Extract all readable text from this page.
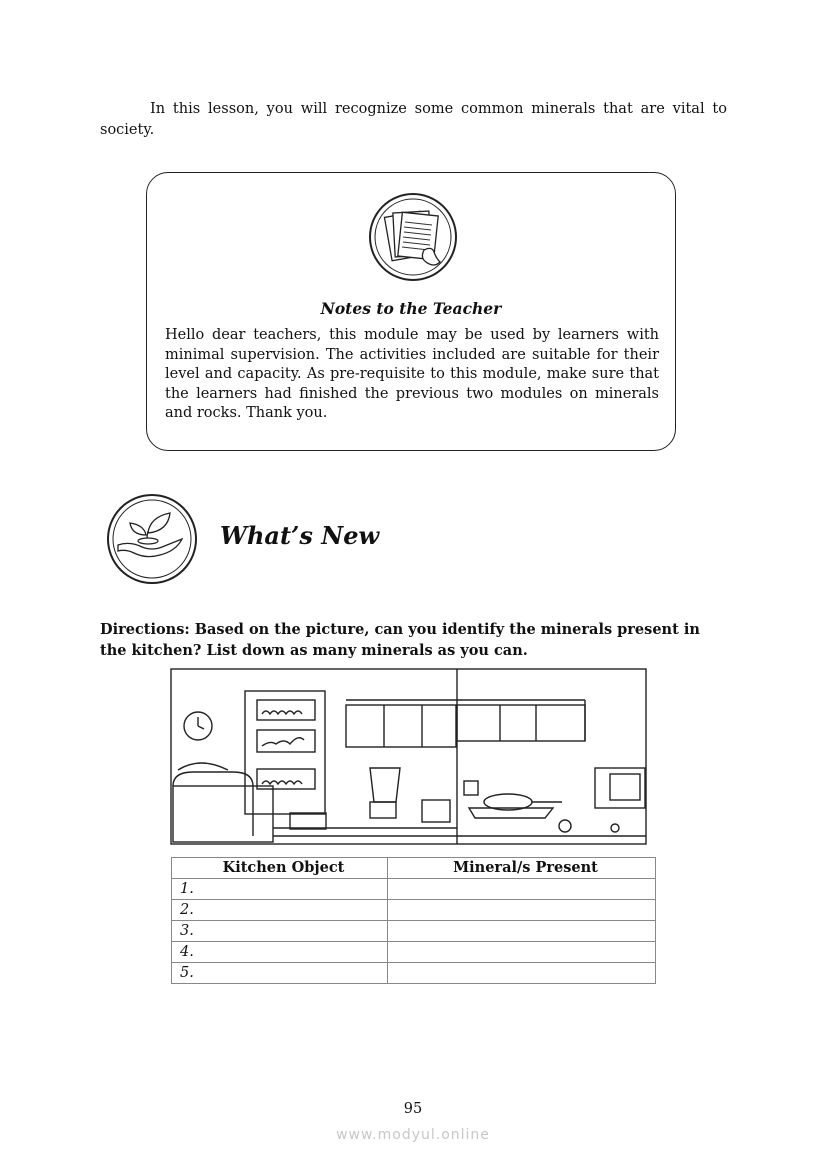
In this lesson, you will recognize some common minerals that are vital to society.

Notes to the Teacher

Hello dear teachers, this module may be used by learners with minimal supervision. The activities included are suitable for their level and capacity. As pre-requisite to this module, make sure that the learners had finished the previous two modules on minerals and rocks. Thank you.

What’s New

Directions: Based on the picture, can you identify the minerals present in the kitchen? List down as many minerals as you can.

Kitchen Object	Mineral/s Present
1.	
2.	
3.	
4.	
5.	
95
www.modyul.online
